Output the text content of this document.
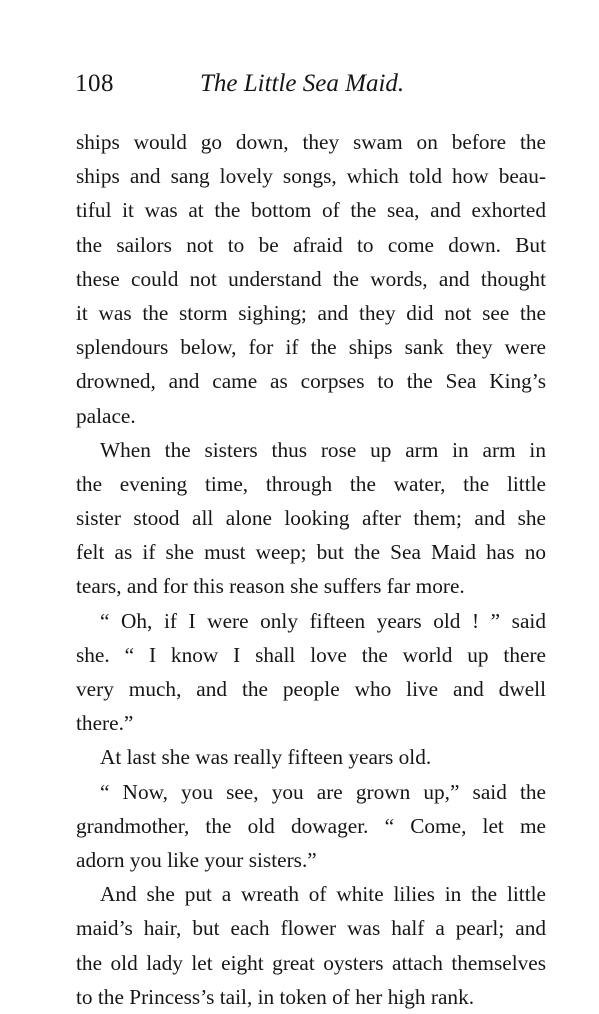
108	The Little Sea Maid.
ships would go down, they swam on before the
ships and sang lovely songs, which told how beau-
tiful it was at the bottom of the sea, and exhorted
the sailors not to be afraid to come down. But
these could not understand the words, and thought
it was the storm sighing; and they did not see the
splendours below, for if the ships sank they were
drowned, and came as corpses to the Sea King’s
palace.
When the sisters thus rose up arm in arm in
the evening time, through the water, the little
sister stood all alone looking after them; and she
felt as if she must weep; but the Sea Maid has no
tears, and for this reason she suffers far more.
“ Oh, if I were only fifteen years old ! ” said
she. “ I know I shall love the world up there
very much, and the people who live and dwell
there.”
At last she was really fifteen years old.
“ Now, you see, you are grown up,” said the
grandmother, the old dowager. “ Come, let me
adorn you like your sisters.”
And she put a wreath of white lilies in the little
maid’s hair, but each flower was half a pearl; and
the old lady let eight great oysters attach themselves
to the Princess’s tail, in token of her high rank.
